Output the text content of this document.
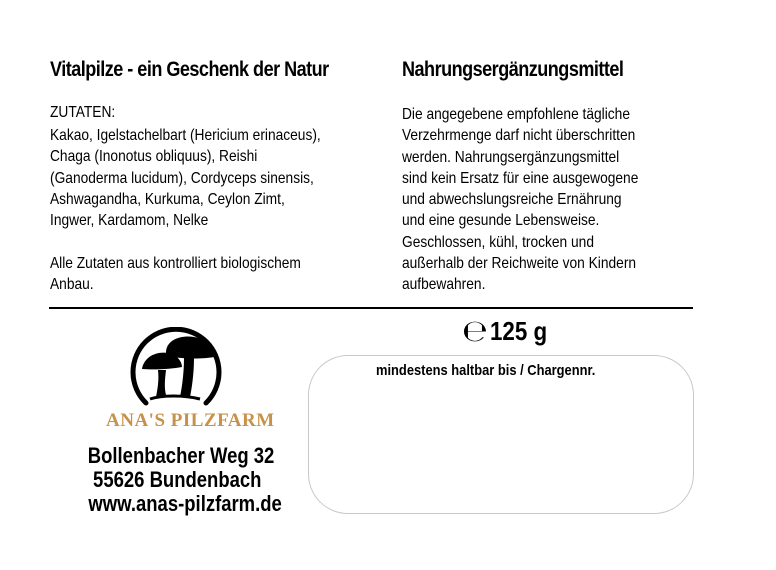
Vitalpilze - ein Geschenk der Natur	Nahrungsergänzungsmittel
ZUTATEN:
Kakao, Igelstachelbart (Hericium erinaceus),
Chaga (Inonotus obliquus), Reishi
(Ganoderma lucidum), Cordyceps sinensis,
Ashwagandha, Kurkuma, Ceylon Zimt,
Ingwer, Kardamom, Nelke
Alle Zutaten aus kontrolliert biologischem
Anbau.
Die angegebene empfohlene tägliche
Verzehrmenge darf nicht überschritten
werden. Nahrungsergänzungsmittel
sind kein Ersatz für eine ausgewogene
und abwechslungsreiche Ernährung
und eine gesunde Lebensweise.
Geschlossen, kühl, trocken und
außerhalb der Reichweite von Kindern
aufbewahren.
℮ 125 g
mindestens haltbar bis / Chargennr.
ANA'S PILZFARM
Bollenbacher Weg 32
55626 Bundenbach
www.anas-pilzfarm.de
